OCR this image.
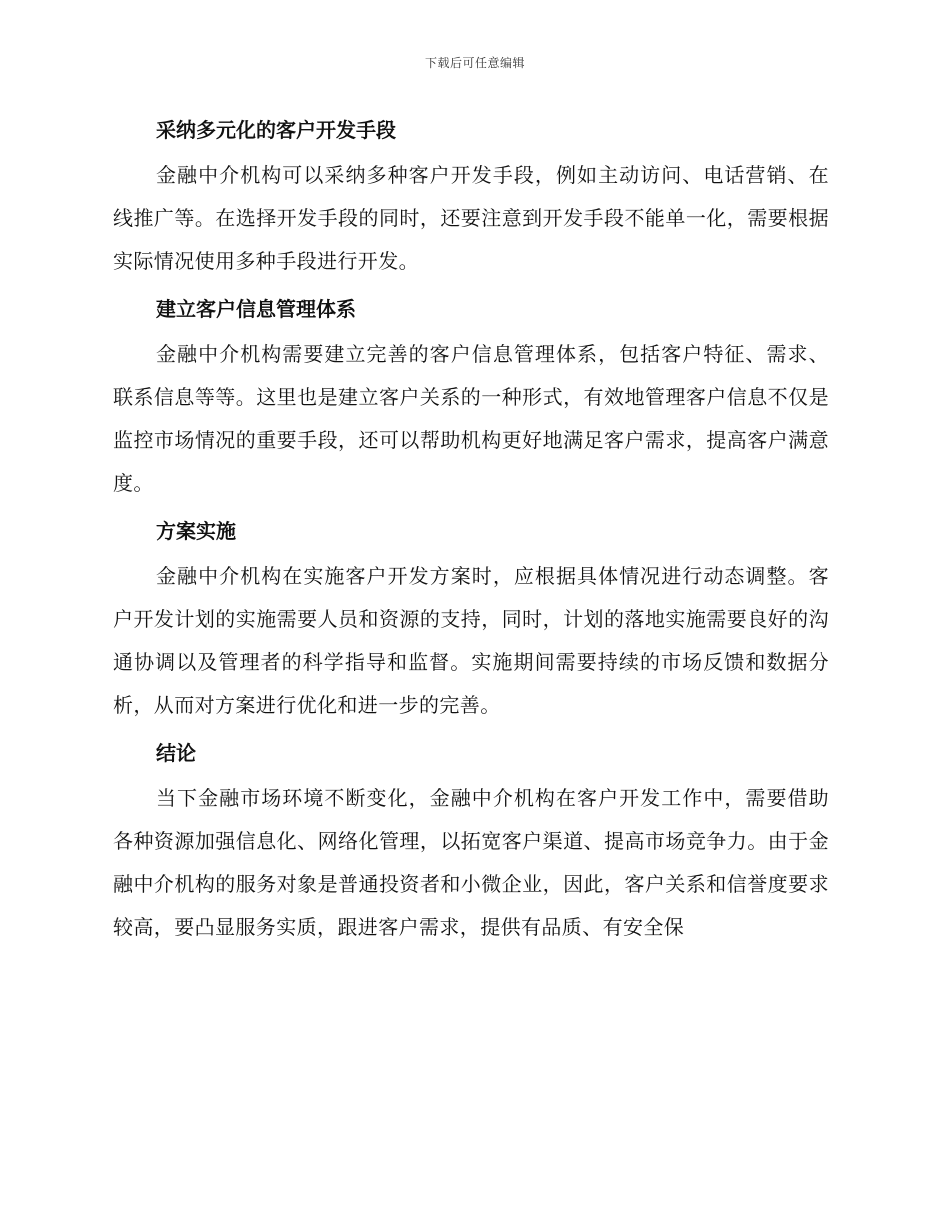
下载后可任意编辑
采纳多元化的客户开发手段

金融中介机构可以采纳多种客户开发手段，例如主动访问、电话营销、在线推广等。在选择开发手段的同时，还要注意到开发手段不能单一化，需要根据实际情况使用多种手段进行开发。

建立客户信息管理体系

金融中介机构需要建立完善的客户信息管理体系，包括客户特征、需求、联系信息等等。这里也是建立客户关系的一种形式，有效地管理客户信息不仅是监控市场情况的重要手段，还可以帮助机构更好地满足客户需求，提高客户满意度。

方案实施

金融中介机构在实施客户开发方案时，应根据具体情况进行动态调整。客户开发计划的实施需要人员和资源的支持，同时，计划的落地实施需要良好的沟通协调以及管理者的科学指导和监督。实施期间需要持续的市场反馈和数据分析，从而对方案进行优化和进一步的完善。

结论

当下金融市场环境不断变化，金融中介机构在客户开发工作中，需要借助各种资源加强信息化、网络化管理，以拓宽客户渠道、提高市场竞争力。由于金融中介机构的服务对象是普通投资者和小微企业，因此，客户关系和信誉度要求较高，要凸显服务实质，跟进客户需求，提供有品质、有安全保
